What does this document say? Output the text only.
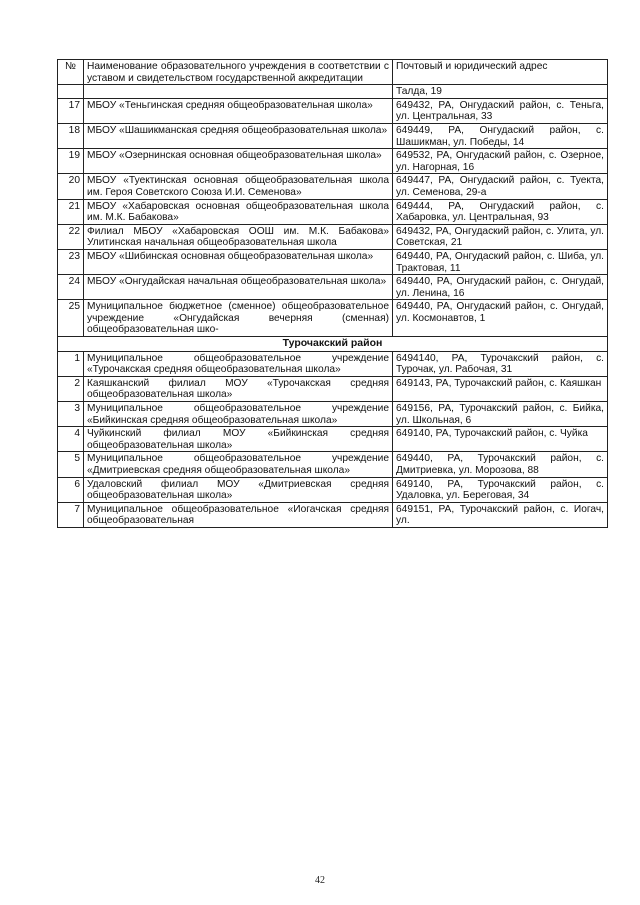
№	Наименование образовательного учреждения в соответствии с уставом и свидетельством государственной аккредитации	Почтовый и юридический адрес
		Талда, 19
17	МБОУ «Теньгинская средняя общеобразовательная школа»	649432, РА, Онгудаский район, с. Теньга, ул. Центральная, 33
18	МБОУ «Шашикманская средняя общеобразовательная школа»	649449, РА, Онгудаский район, с. Шашикман, ул. Победы, 14
19	МБОУ «Озернинская основная общеобразовательная школа»	649532, РА, Онгудаский район, с. Озерное, ул. Нагорная, 16
20	МБОУ «Туектинская основная общеобразовательная школа им. Героя Советского Союза И.И. Семенова»	649447, РА, Онгудаский район, с. Туекта, ул. Семенова, 29-а
21	МБОУ «Хабаровская основная общеобразовательная школа им. М.К. Бабакова»	649444, РА, Онгудаский район, с. Хабаровка, ул. Центральная, 93
22	Филиал МБОУ «Хабаровская ООШ им. М.К. Бабакова» Улитинская начальная общеобразовательная школа	649432, РА, Онгудаский район, с. Улита, ул. Советская, 21
23	МБОУ «Шибинская основная общеобразовательная школа»	649440, РА, Онгудаский район, с. Шиба, ул. Трактовая, 11
24	МБОУ «Онгудайская начальная общеобразовательная школа»	649440, РА, Онгудаский район, с. Онгудай, ул. Ленина, 16
25	Муниципальное бюджетное (сменное) общеобразовательное учреждение «Онгудайская вечерняя (сменная) общеобразовательная шко-	649440, РА, Онгудаский район, с. Онгудай, ул. Космонавтов, 1
Турочакский район		
1	Муниципальное общеобразовательное учреждение «Турочакская средняя общеобразовательная школа»	6494140, РА, Турочакский район, с. Турочак, ул. Рабочая, 31
2	Каяшканский филиал МОУ «Турочакская средняя общеобразовательная школа»	649143, РА, Турочакский район, с. Каяшкан
3	Муниципальное общеобразовательное учреждение «Бийкинская средняя общеобразовательная школа»	649156, РА, Турочакский район, с. Бийка, ул. Школьная, 6
4	Чуйкинский филиал МОУ «Бийкинская средняя общеобразовательная школа»	649140, РА, Турочакский район, с. Чуйка
5	Муниципальное общеобразовательное учреждение «Дмитриевская средняя общеобразовательная школа»	649440, РА, Турочакский район, с. Дмитриевка, ул. Морозова, 88
6	Удаловский филиал МОУ «Дмитриевская средняя общеобразовательная школа»	649140, РА, Турочакский район, с. Удаловка, ул. Береговая, 34
7	Муниципальное общеобразовательное «Иогачская средняя общеобразовательная	649151, РА, Турочакский район, с. Иогач, ул.
42
